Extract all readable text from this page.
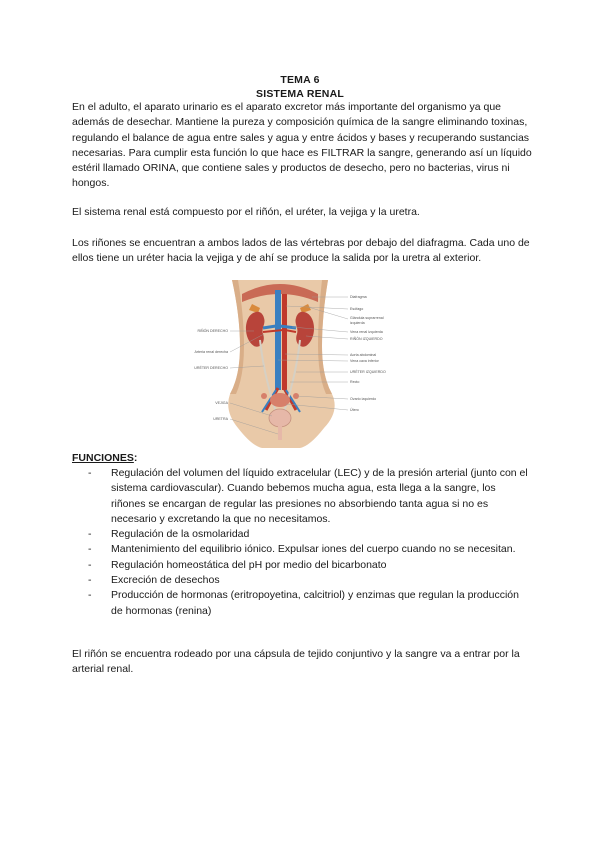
TEMA 6
SISTEMA RENAL

En el adulto, el aparato urinario es el aparato excretor más importante del organismo ya que además de desechar. Mantiene la pureza y composición química de la sangre eliminando toxinas, regulando el balance de agua entre sales y agua y entre ácidos y bases y recuperando sustancias necesarias. Para cumplir esta función lo que hace es FILTRAR la sangre, generando así un líquido estéril llamado ORINA, que contiene sales y productos de desecho, pero no bacterias, virus ni hongos.

El sistema renal está compuesto por el riñón, el uréter, la vejiga y la uretra.

Los riñones se encuentran a ambos lados de las vértebras por debajo del diafragma. Cada uno de ellos tiene un uréter hacia la vejiga y de ahí se produce la salida por la uretra al exterior.

RIÑÓN DERECHO
Arteria renal derecha
URÉTER DERECHO
VEJIGA
URETRA
Diafragma
Esófago
Glándula suprarrenal
izquierda
Vena renal izquierda
RIÑÓN IZQUIERDO
Aorta abdominal
Vena cava inferior
URÉTER IZQUIERDO
Recto
Ovario izquierdo
Útero

FUNCIONES:

- Regulación del volumen del líquido extracelular (LEC) y de la presión arterial (junto con el sistema cardiovascular). Cuando bebemos mucha agua, esta llega a la sangre, los riñones se encargan de regular las presiones no absorbiendo tanta agua si no es necesario y excretando la que no necesitamos.
- Regulación de la osmolaridad
- Mantenimiento del equilibrio iónico. Expulsar iones del cuerpo cuando no se necesitan.
- Regulación homeostática del pH por medio del bicarbonato
- Excreción de desechos
- Producción de hormonas (eritropoyetina, calcitriol) y enzimas que regulan la producción de hormonas (renina)

El riñón se encuentra rodeado por una cápsula de tejido conjuntivo y la sangre va a entrar por la arterial renal.
